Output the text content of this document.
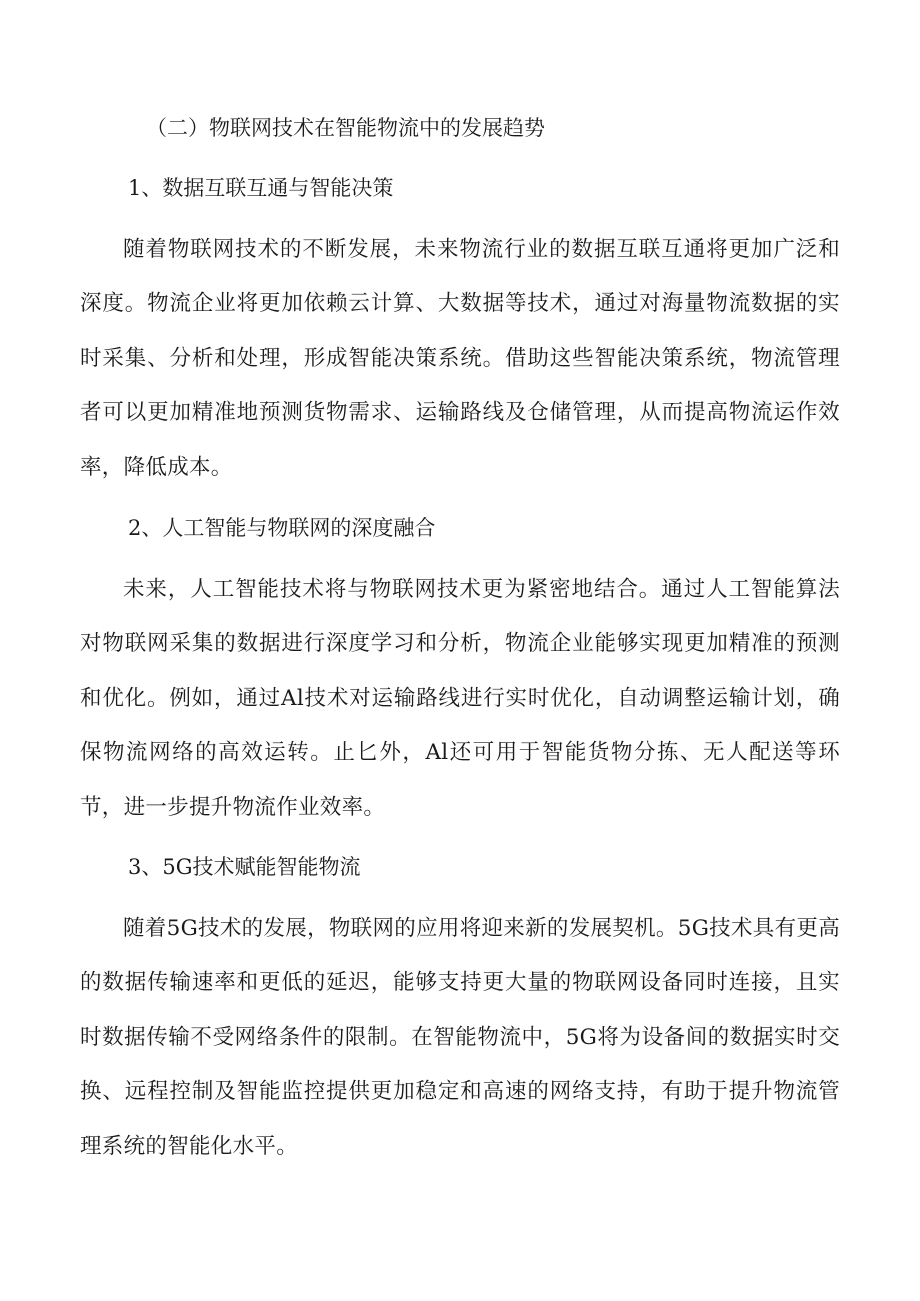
（二）物联网技术在智能物流中的发展趋势
1、数据互联互通与智能决策
随着物联网技术的不断发展，未来物流行业的数据互联互通将更加广泛和深度。物流企业将更加依赖云计算、大数据等技术，通过对海量物流数据的实时采集、分析和处理，形成智能决策系统。借助这些智能决策系统，物流管理者可以更加精准地预测货物需求、运输路线及仓储管理，从而提高物流运作效率，降低成本。
2、人工智能与物联网的深度融合
未来，人工智能技术将与物联网技术更为紧密地结合。通过人工智能算法对物联网采集的数据进行深度学习和分析，物流企业能够实现更加精准的预测和优化。例如，通过Al技术对运输路线进行实时优化，自动调整运输计划，确保物流网络的高效运转。止匕外，Al还可用于智能货物分拣、无人配送等环节，进一步提升物流作业效率。
3、5G技术赋能智能物流
随着5G技术的发展，物联网的应用将迎来新的发展契机。5G技术具有更高的数据传输速率和更低的延迟，能够支持更大量的物联网设备同时连接，且实时数据传输不受网络条件的限制。在智能物流中，5G将为设备间的数据实时交换、远程控制及智能监控提供更加稳定和高速的网络支持，有助于提升物流管理系统的智能化水平。
